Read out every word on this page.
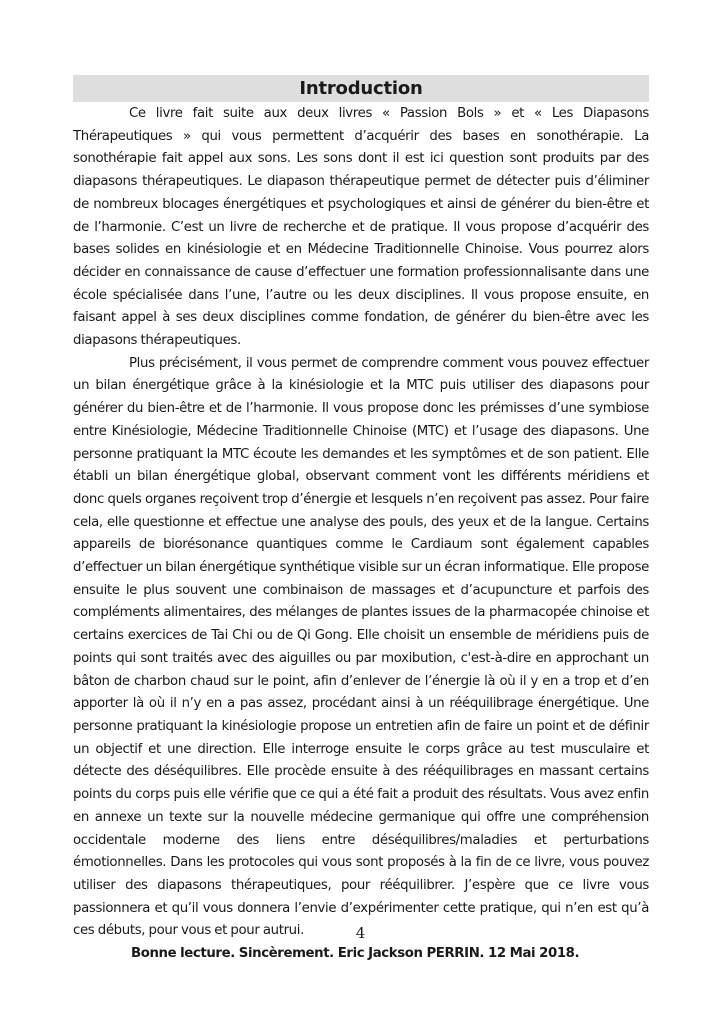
Introduction

Ce livre fait suite aux deux livres « Passion Bols » et « Les Diapasons Thérapeutiques » qui vous permettent d’acquérir des bases en sonothérapie. La sonothérapie fait appel aux sons. Les sons dont il est ici question sont produits par des diapasons thérapeutiques. Le diapason thérapeutique permet de détecter puis d’éliminer de nombreux blocages énergétiques et psychologiques et ainsi de générer du bien-être et de l’harmonie. C’est un livre de recherche et de pratique. Il vous propose d’acquérir des bases solides en kinésiologie et en Médecine Traditionnelle Chinoise. Vous pourrez alors décider en connaissance de cause d’effectuer une formation professionnalisante dans une école spécialisée dans l’une, l’autre ou les deux disciplines. Il vous propose ensuite, en faisant appel à ses deux disciplines comme fondation, de générer du bien-être avec les diapasons thérapeutiques.

Plus précisément, il vous permet de comprendre comment vous pouvez effectuer un bilan énergétique grâce à la kinésiologie et la MTC puis utiliser des diapasons pour générer du bien-être et de l’harmonie. Il vous propose donc les prémisses d’une symbiose entre Kinésiologie, Médecine Traditionnelle Chinoise (MTC) et l’usage des diapasons. Une personne pratiquant la MTC écoute les demandes et les symptômes et de son patient. Elle établi un bilan énergétique global, observant comment vont les différents méridiens et donc quels organes reçoivent trop d’énergie et lesquels n’en reçoivent pas assez. Pour faire cela, elle questionne et effectue une analyse des pouls, des yeux et de la langue. Certains appareils de biorésonance quantiques comme le Cardiaum sont également capables d’effectuer un bilan énergétique synthétique visible sur un écran informatique. Elle propose ensuite le plus souvent une combinaison de massages et d’acupuncture et parfois des compléments alimentaires, des mélanges de plantes issues de la pharmacopée chinoise et certains exercices de Tai Chi ou de Qi Gong. Elle choisit un ensemble de méridiens puis de points qui sont traités avec des aiguilles ou par moxibution, c'est-à-dire en approchant un bâton de charbon chaud sur le point, afin d’enlever de l’énergie là où il y en a trop et d’en apporter là où il n’y en a pas assez, procédant ainsi à un rééquilibrage énergétique. Une personne pratiquant la kinésiologie propose un entretien afin de faire un point et de définir un objectif et une direction. Elle interroge ensuite le corps grâce au test musculaire et détecte des déséquilibres. Elle procède ensuite à des rééquilibrages en massant certains points du corps puis elle vérifie que ce qui a été fait a produit des résultats. Vous avez enfin en annexe un texte sur la nouvelle médecine germanique qui offre une compréhension occidentale moderne des liens entre déséquilibres/maladies et perturbations émotionnelles. Dans les protocoles qui vous sont proposés à la fin de ce livre, vous pouvez utiliser des diapasons thérapeutiques, pour rééquilibrer. J’espère que ce livre vous passionnera et qu’il vous donnera l’envie d’expérimenter cette pratique, qui n’en est qu’à ces débuts, pour vous et pour autrui.

Bonne lecture. Sincèrement. Eric Jackson PERRIN. 12 Mai 2018.

4
